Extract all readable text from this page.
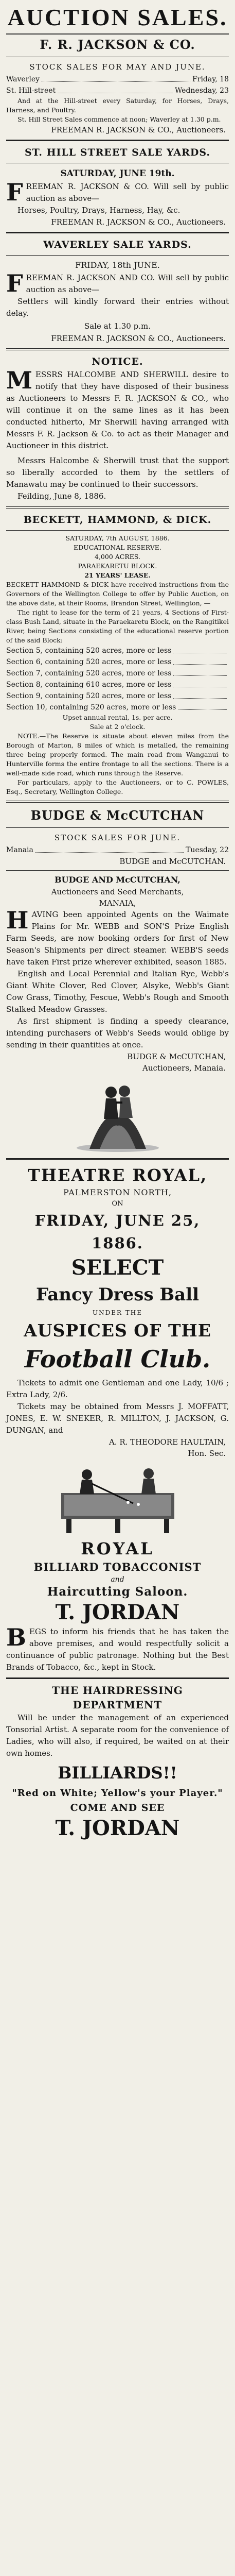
AUCTION SALES.
F. R. JACKSON & CO.
STOCK SALES FOR MAY AND JUNE.
Waverley	Friday, 18
St. Hill-street	Wednesday, 23
And at the Hill-street every Saturday, for Horses, Drays, Harness, and Poultry.
St. Hill Street Sales commence at noon; Waverley at 1.30 p.m.
FREEMAN R. JACKSON & CO., Auctioneers.
ST. HILL STREET SALE YARDS.
SATURDAY, JUNE 19th.
FREEMAN R. JACKSON & CO. Will sell by public auction as above—
Horses, Poultry, Drays, Harness, Hay, &c.
FREEMAN R. JACKSON & CO., Auctioneers.
WAVERLEY SALE YARDS.
FRIDAY, 18th JUNE.
FREEMAN R. JACKSON AND CO. Will sell by public auction as above—
Settlers will kindly forward their entries without delay.
Sale at 1.30 p.m.
FREEMAN R. JACKSON & CO., Auctioneers.
NOTICE.
MESSRS HALCOMBE AND SHERWILL desire to notify that they have disposed of their business as Auctioneers to Messrs F. R. JACKSON & CO., who will continue it on the same lines as it has been conducted hitherto, Mr Sherwill having arranged with Messrs F. R. Jackson & Co. to act as their Manager and Auctioneer in this district.
Messrs Halcombe & Sherwill trust that the support so liberally accorded to them by the settlers of Manawatu may be continued to their successors.
Feilding, June 8, 1886.
BECKETT, HAMMOND, & DICK.
SATURDAY, 7th AUGUST, 1886.
EDUCATIONAL RESERVE.
4,000 ACRES.
PARAEKARETU BLOCK.
21 YEARS' LEASE.
BECKETT HAMMOND & DICK have received instructions from the Governors of the Wellington College to offer by Public Auction, on the above date, at their Rooms, Brandon Street, Wellington, —
The right to lease for the term of 21 years, 4 Sections of First-class Bush Land, situate in the Paraekaretu Block, on the Rangitikei River, being Sections consisting of the educational reserve portion of the said Block:
Section 5, containing 520 acres, more or less
Section 6, containing 520 acres, more or less
Section 7, containing 520 acres, more or less
Section 8, containing 610 acres, more or less
Section 9, containing 520 acres, more or less
Section 10, containing 520 acres, more or less
Upset annual rental, 1s. per acre.
Sale at 2 o'clock.
NOTE.—The Reserve is situate about eleven miles from the Borough of Marton, 8 miles of which is metalled, the remaining three being properly formed. The main road from Wanganui to Hunterville forms the entire frontage to all the sections. There is a well-made side road, which runs through the Reserve.
For particulars, apply to the Auctioneers, or to C. POWLES, Esq., Secretary, Wellington College.
BUDGE & McCUTCHAN
STOCK SALES FOR JUNE.
Manaia	Tuesday, 22
BUDGE and McCUTCHAN.
BUDGE AND McCUTCHAN,
Auctioneers and Seed Merchants,
MANAIA,
HAVING been appointed Agents on the Waimate Plains for Mr. WEBB and SON'S Prize English Farm Seeds, are now booking orders for first of New Season's Shipments per direct steamer. WEBB'S seeds have taken First prize wherever exhibited, season 1885.
English and Local Perennial and Italian Rye, Webb's Giant White Clover, Red Clover, Alsyke, Webb's Giant Cow Grass, Timothy, Fescue, Webb's Rough and Smooth Stalked Meadow Grasses.
As first shipment is finding a speedy clearance, intending purchasers of Webb's Seeds would oblige by sending in their quantities at once.
BUDGE & McCUTCHAN,
Auctioneers, Manaia.
THEATRE ROYAL,
PALMERSTON NORTH,
ON
FRIDAY, JUNE 25, 1886.
SELECT
Fancy Dress Ball
UNDER THE
AUSPICES OF THE
Football Club.
Tickets to admit one Gentleman and one Lady, 10/6 ; Extra Lady, 2/6.
Tickets may be obtained from Messrs J. MOFFATT, JONES, E. W. SNEKER, R. MILLTON, J. JACKSON, G. DUNGAN, and
A. R. THEODORE HAULTAIN,
Hon. Sec.
ROYAL
BILLIARD TOBACCONIST
and
Haircutting Saloon.
T. JORDAN
BEGS to inform his friends that he has taken the above premises, and would respectfully solicit a continuance of public patronage. Nothing but the Best Brands of Tobacco, &c., kept in Stock.
THE HAIRDRESSING
DEPARTMENT
Will be under the management of an experienced Tonsorial Artist. A separate room for the convenience of Ladies, who will also, if required, be waited on at their own homes.
BILLIARDS!!
"Red on White; Yellow's your Player."
COME AND SEE
T. JORDAN
